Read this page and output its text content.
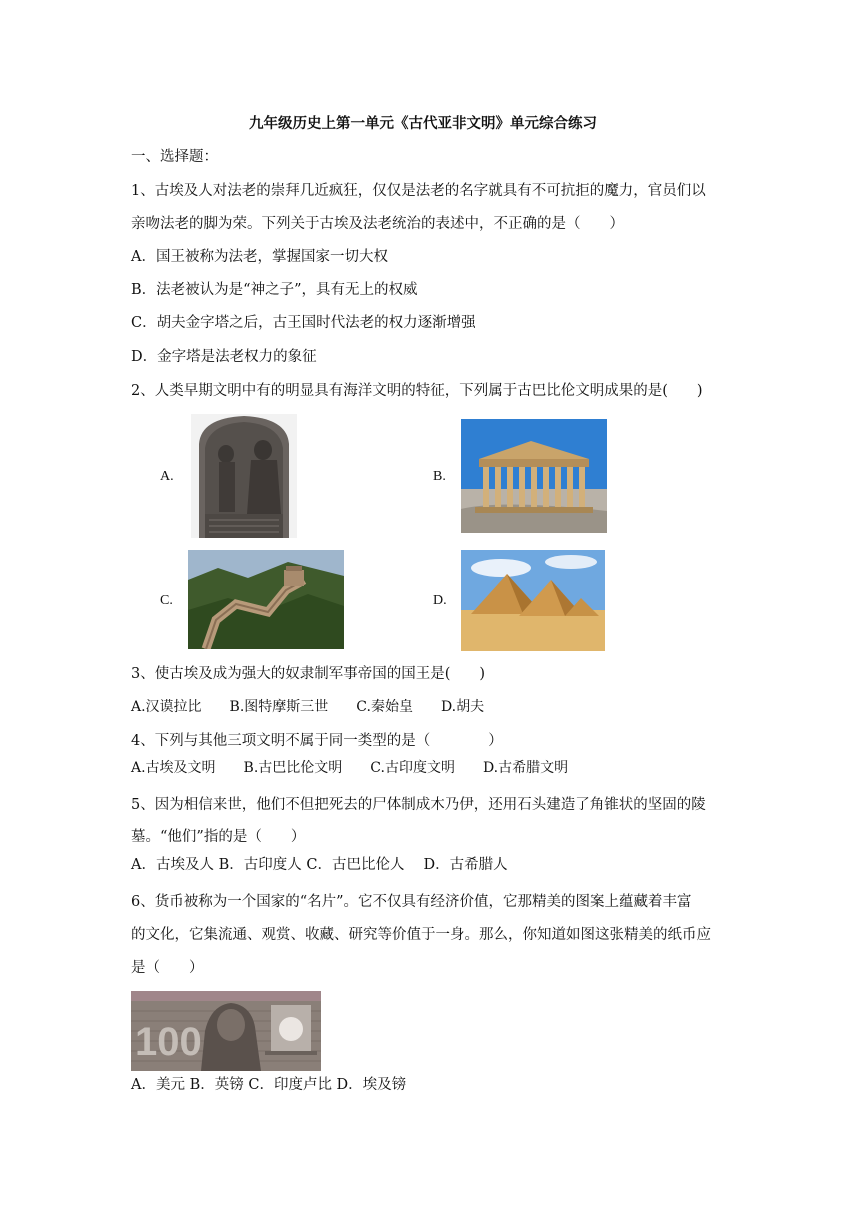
九年级历史上第一单元《古代亚非文明》单元综合练习
一、选择题：
1、古埃及人对法老的崇拜几近疯狂，仅仅是法老的名字就具有不可抗拒的魔力，官员们以
亲吻法老的脚为荣。下列关于古埃及法老统治的表述中，不正确的是（　　）
A．国王被称为法老，掌握国家一切大权
B．法老被认为是“神之子”，具有无上的权威
C．胡夫金字塔之后，古王国时代法老的权力逐渐增强
D．金字塔是法老权力的象征
2、人类早期文明中有的明显具有海洋文明的特征，下列属于古巴比伦文明成果的是(　　)
A.	B.
C.	D.
3、使古埃及成为强大的奴隶制军事帝国的国王是(　　)
A.汉谟拉比　　B.图特摩斯三世　　C.秦始皇　　D.胡夫
4、下列与其他三项文明不属于同一类型的是（　　　　）
A.古埃及文明　　B.古巴比伦文明　　C.古印度文明　　D.古希腊文明
5、因为相信来世，他们不但把死去的尸体制成木乃伊，还用石头建造了角锥状的坚固的陵
墓。“他们”指的是（　　）
A．古埃及人 B．古印度人 C．古巴比伦人　 D．古希腊人
6、货币被称为一个国家的“名片”。它不仅具有经济价值，它那精美的图案上蕴藏着丰富
的文化，它集流通、观赏、收藏、研究等价值于一身。那么，你知道如图这张精美的纸币应
是（　　）
100
A．美元 B．英镑 C．印度卢比 D．埃及镑
